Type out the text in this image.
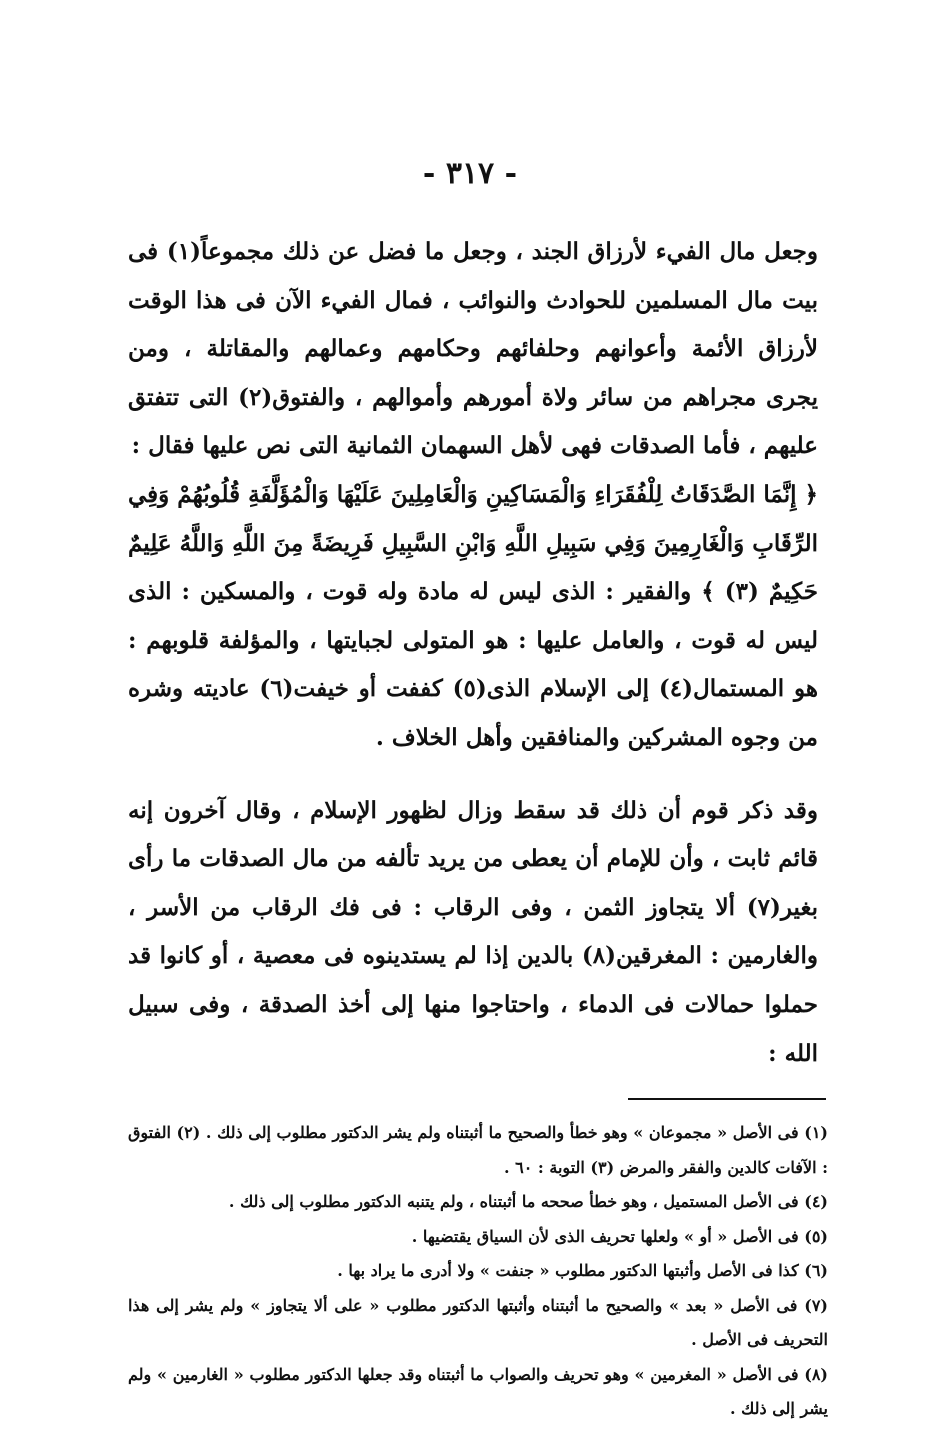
- ٣١٧ -

وجعل مال الفيء لأرزاق الجند ، وجعل ما فضل عن ذلك مجموعاً(١) فى بيت مال المسلمين للحوادث والنوائب ، فمال الفيء الآن فى هذا الوقت لأرزاق الأئمة وأعوانهم وحلفائهم وحكامهم وعمالهم والمقاتلة ، ومن يجرى مجراهم من سائر ولاة أمورهم وأموالهم ، والفتوق(٢) التى تتفتق عليهم ، فأما الصدقات فهى لأهل السهمان الثمانية التى نص عليها فقال :

﴿ إِنَّمَا الصَّدَقَاتُ لِلْفُقَرَاءِ وَالْمَسَاكِينِ وَالْعَامِلِينَ عَلَيْهَا وَالْمُؤَلَّفَةِ قُلُوبُهُمْ وَفِي الرِّقَابِ وَالْغَارِمِينَ وَفِي سَبِيلِ اللَّهِ وَابْنِ السَّبِيلِ فَرِيضَةً مِنَ اللَّهِ وَاللَّهُ عَلِيمٌ حَكِيمٌ (٣) ﴾ والفقير : الذى ليس له مادة وله قوت ، والمسكين : الذى ليس له قوت ، والعامل عليها : هو المتولى لجبايتها ، والمؤلفة قلوبهم : هو المستمال(٤) إلى الإسلام الذى(٥) كففت أو خيفت(٦) عاديته وشره من وجوه المشركين والمنافقين وأهل الخلاف .

وقد ذكر قوم أن ذلك قد سقط وزال لظهور الإسلام ، وقال آخرون إنه قائم ثابت ، وأن للإمام أن يعطى من يريد تألفه من مال الصدقات ما رأى بغير(٧) ألا يتجاوز الثمن ، وفى الرقاب : فى فك الرقاب من الأسر ، والغارمين : المغرقين(٨) بالدين إذا لم يستدينوه فى معصية ، أو كانوا قد حملوا حمالات فى الدماء ، واحتاجوا منها إلى أخذ الصدقة ، وفى سبيل الله :

(١) فى الأصل « مجموعان » وهو خطأ والصحيح ما أثبتناه ولم يشر الدكتور مطلوب إلى ذلك . (٢) الفتوق : الآفات كالدين والفقر والمرض (٣) التوبة : ٦٠ .

(٤) فى الأصل المستميل ، وهو خطأ صححه ما أثبتناه ، ولم يتنبه الدكتور مطلوب إلى ذلك .

(٥) فى الأصل « أو » ولعلها تحريف الذى لأن السياق يقتضيها .

(٦) كذا فى الأصل وأثبتها الدكتور مطلوب « جنفت » ولا أدرى ما يراد بها .

(٧) فى الأصل « بعد » والصحيح ما أثبتناه وأثبتها الدكتور مطلوب « على ألا يتجاوز » ولم يشر إلى هذا التحريف فى الأصل .

(٨) فى الأصل « المغرمين » وهو تحريف والصواب ما أثبتناه وقد جعلها الدكتور مطلوب « الغارمين » ولم يشر إلى ذلك .
